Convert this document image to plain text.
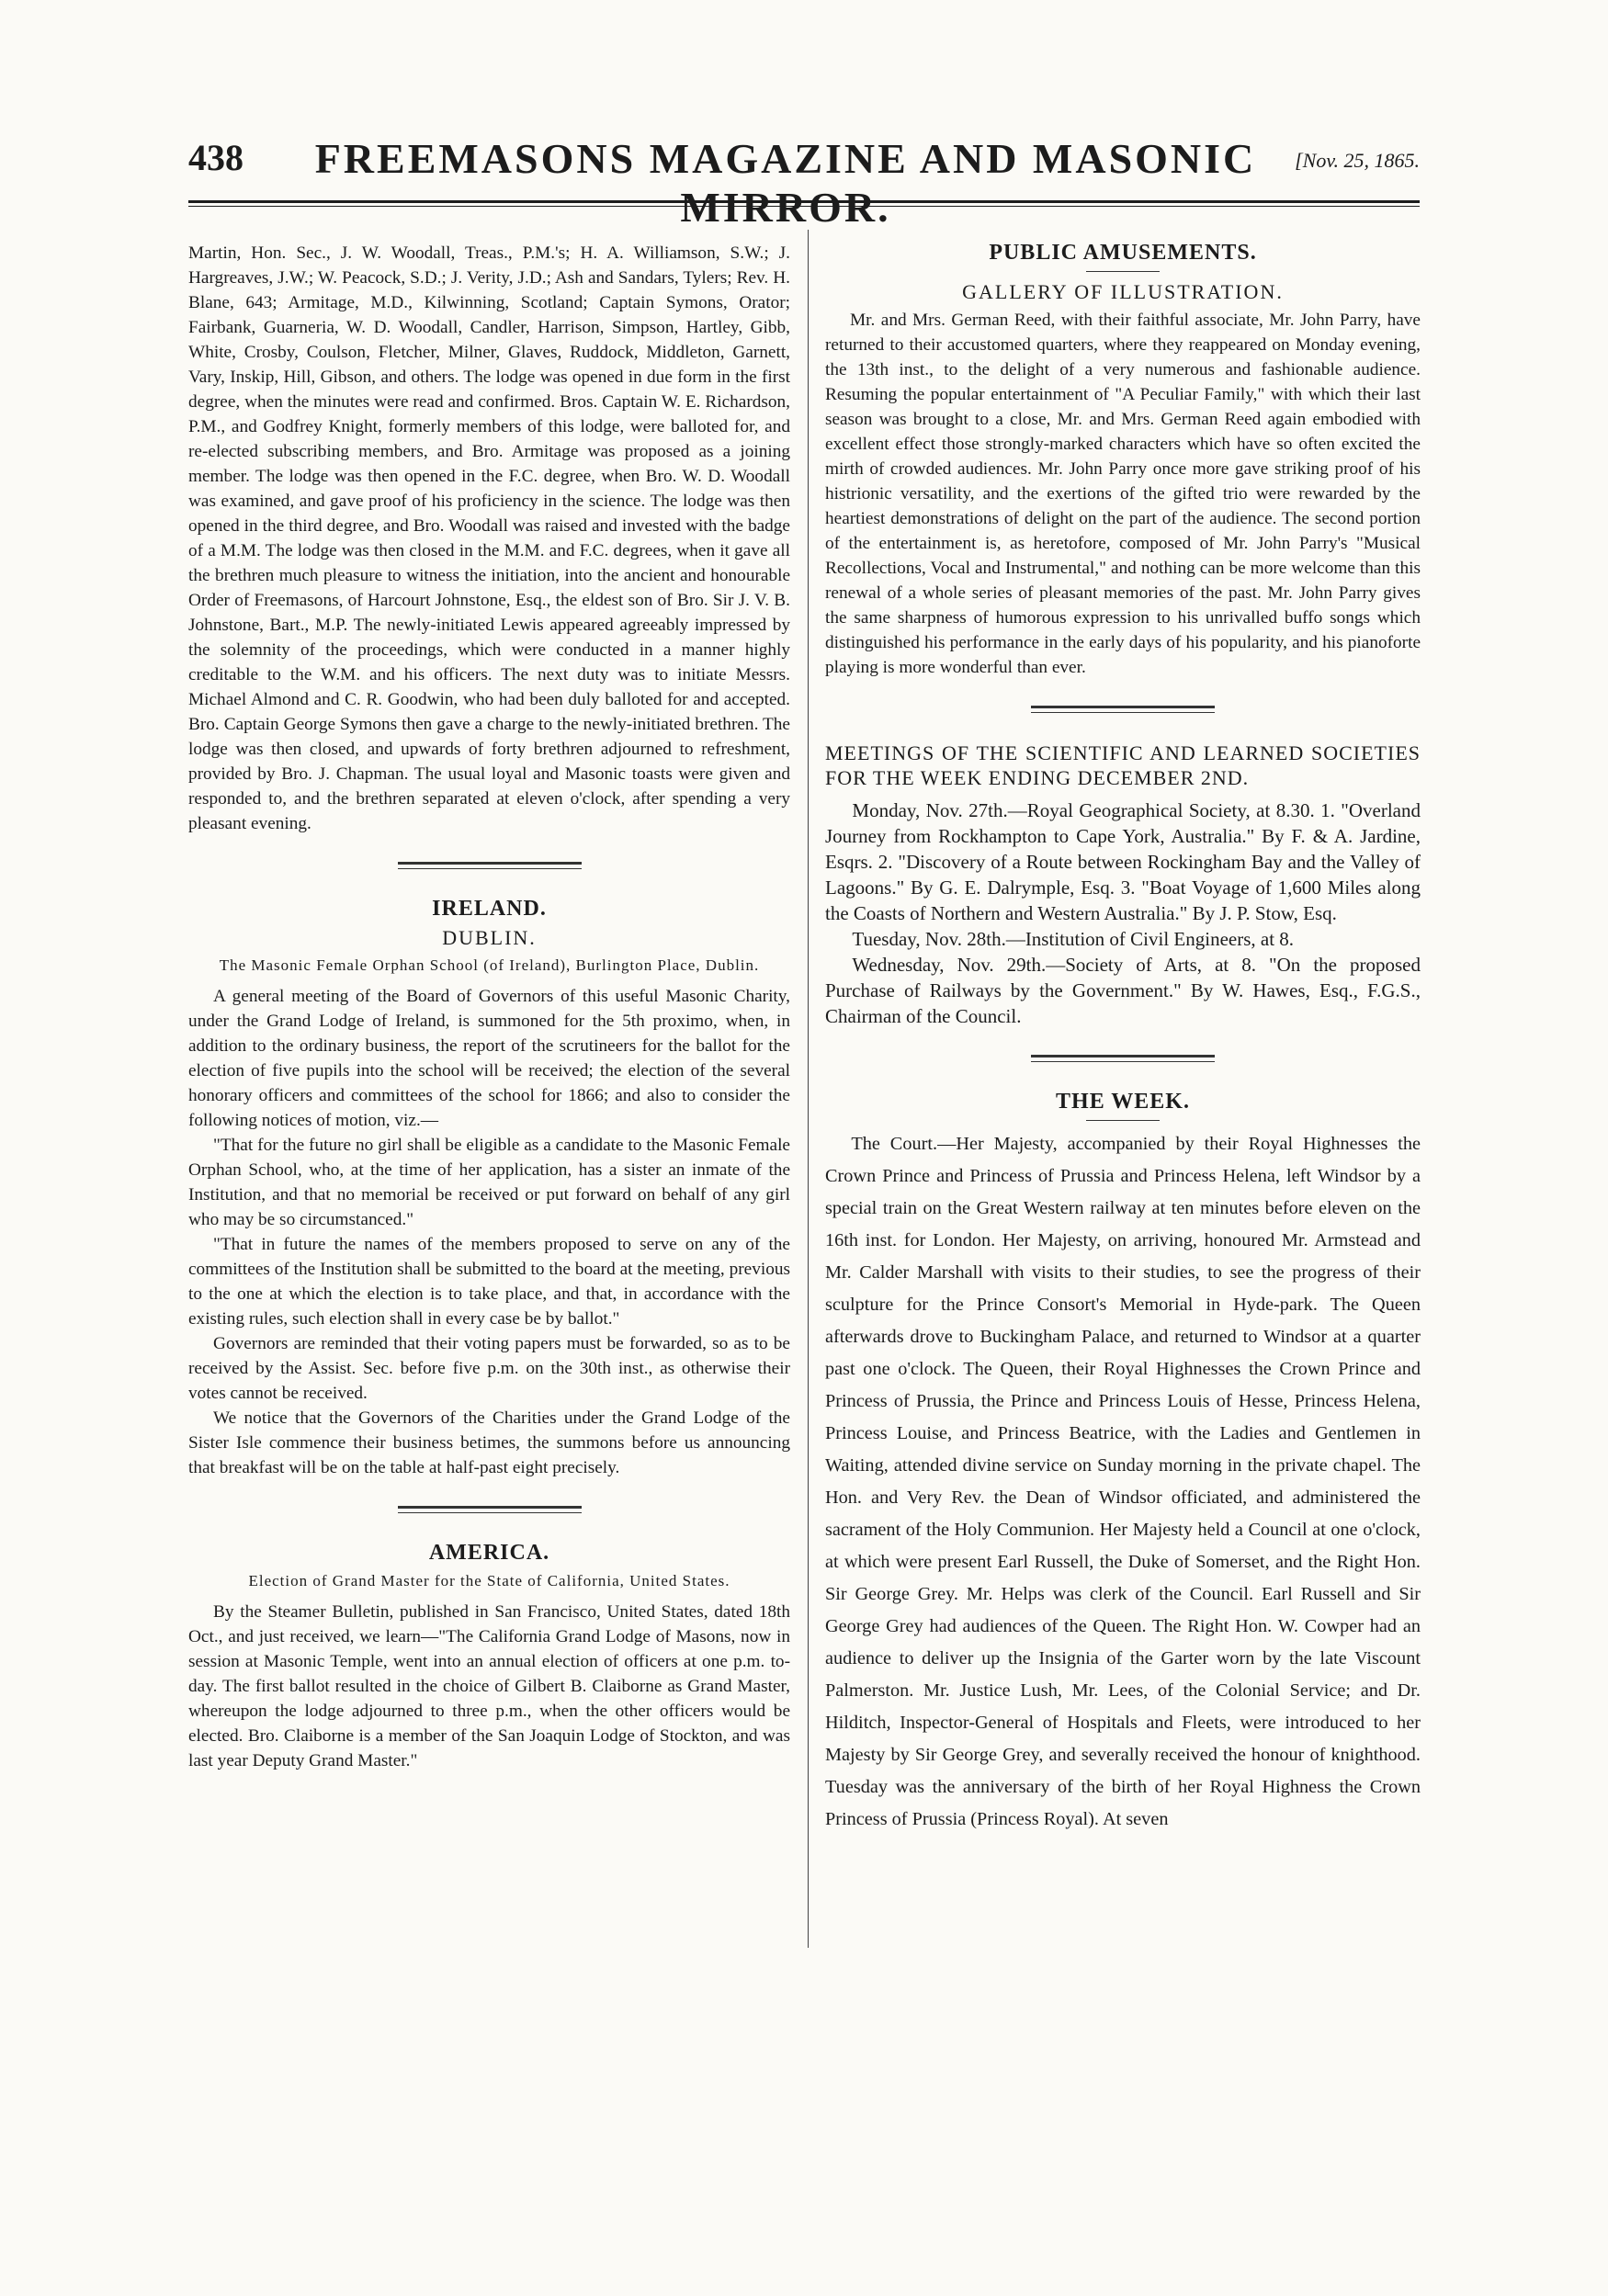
438	FREEMASONS MAGAZINE AND MASONIC MIRROR.
[Nov. 25, 1865.

Martin, Hon. Sec., J. W. Woodall, Treas., P.M.'s; H. A. Williamson, S.W.; J. Hargreaves, J.W.; W. Peacock, S.D.; J. Verity, J.D.; Ash and Sandars, Tylers; Rev. H. Blane, 643; Armitage, M.D., Kilwinning, Scotland; Captain Symons, Orator; Fairbank, Guarneria, W. D. Woodall, Candler, Harrison, Simpson, Hartley, Gibb, White, Crosby, Coulson, Fletcher, Milner, Glaves, Ruddock, Middleton, Garnett, Vary, Inskip, Hill, Gibson, and others. The lodge was opened in due form in the first degree, when the minutes were read and confirmed. Bros. Captain W. E. Richardson, P.M., and Godfrey Knight, formerly members of this lodge, were balloted for, and re-elected subscribing members, and Bro. Armitage was proposed as a joining member. The lodge was then opened in the F.C. degree, when Bro. W. D. Woodall was examined, and gave proof of his proficiency in the science. The lodge was then opened in the third degree, and Bro. Woodall was raised and invested with the badge of a M.M. The lodge was then closed in the M.M. and F.C. degrees, when it gave all the brethren much pleasure to witness the initiation, into the ancient and honourable Order of Freemasons, of Harcourt Johnstone, Esq., the eldest son of Bro. Sir J. V. B. Johnstone, Bart., M.P. The newly-initiated Lewis appeared agreeably impressed by the solemnity of the proceedings, which were conducted in a manner highly creditable to the W.M. and his officers. The next duty was to initiate Messrs. Michael Almond and C. R. Goodwin, who had been duly balloted for and accepted. Bro. Captain George Symons then gave a charge to the newly-initiated brethren. The lodge was then closed, and upwards of forty brethren adjourned to refreshment, provided by Bro. J. Chapman. The usual loyal and Masonic toasts were given and responded to, and the brethren separated at eleven o'clock, after spending a very pleasant evening.

IRELAND.
DUBLIN.
The Masonic Female Orphan School (of Ireland), Burlington Place, Dublin.

A general meeting of the Board of Governors of this useful Masonic Charity, under the Grand Lodge of Ireland, is summoned for the 5th proximo, when, in addition to the ordinary business, the report of the scrutineers for the ballot for the election of five pupils into the school will be received; the election of the several honorary officers and committees of the school for 1866; and also to consider the following notices of motion, viz.—

"That for the future no girl shall be eligible as a candidate to the Masonic Female Orphan School, who, at the time of her application, has a sister an inmate of the Institution, and that no memorial be received or put forward on behalf of any girl who may be so circumstanced."

"That in future the names of the members proposed to serve on any of the committees of the Institution shall be submitted to the board at the meeting, previous to the one at which the election is to take place, and that, in accordance with the existing rules, such election shall in every case be by ballot."

Governors are reminded that their voting papers must be forwarded, so as to be received by the Assist. Sec. before five p.m. on the 30th inst., as otherwise their votes cannot be received.

We notice that the Governors of the Charities under the Grand Lodge of the Sister Isle commence their business betimes, the summons before us announcing that breakfast will be on the table at half-past eight precisely.

AMERICA.
Election of Grand Master for the State of California, United States.

By the Steamer Bulletin, published in San Francisco, United States, dated 18th Oct., and just received, we learn—"The California Grand Lodge of Masons, now in session at Masonic Temple, went into an annual election of officers at one p.m. to-day. The first ballot resulted in the choice of Gilbert B. Claiborne as Grand Master, whereupon the lodge adjourned to three p.m., when the other officers would be elected. Bro. Claiborne is a member of the San Joaquin Lodge of Stockton, and was last year Deputy Grand Master."

PUBLIC AMUSEMENTS.
GALLERY OF ILLUSTRATION.

Mr. and Mrs. German Reed, with their faithful associate, Mr. John Parry, have returned to their accustomed quarters, where they reappeared on Monday evening, the 13th inst., to the delight of a very numerous and fashionable audience. Resuming the popular entertainment of "A Peculiar Family," with which their last season was brought to a close, Mr. and Mrs. German Reed again embodied with excellent effect those strongly-marked characters which have so often excited the mirth of crowded audiences. Mr. John Parry once more gave striking proof of his histrionic versatility, and the exertions of the gifted trio were rewarded by the heartiest demonstrations of delight on the part of the audience. The second portion of the entertainment is, as heretofore, composed of Mr. John Parry's "Musical Recollections, Vocal and Instrumental," and nothing can be more welcome than this renewal of a whole series of pleasant memories of the past. Mr. John Parry gives the same sharpness of humorous expression to his unrivalled buffo songs which distinguished his performance in the early days of his popularity, and his pianoforte playing is more wonderful than ever.

MEETINGS OF THE SCIENTIFIC AND LEARNED SOCIETIES FOR THE WEEK ENDING DECEMBER 2ND.

Monday, Nov. 27th.—Royal Geographical Society, at 8.30. 1. "Overland Journey from Rockhampton to Cape York, Australia." By F. & A. Jardine, Esqrs. 2. "Discovery of a Route between Rockingham Bay and the Valley of Lagoons." By G. E. Dalrymple, Esq. 3. "Boat Voyage of 1,600 Miles along the Coasts of Northern and Western Australia." By J. P. Stow, Esq.

Tuesday, Nov. 28th.—Institution of Civil Engineers, at 8.

Wednesday, Nov. 29th.—Society of Arts, at 8. "On the proposed Purchase of Railways by the Government." By W. Hawes, Esq., F.G.S., Chairman of the Council.

THE WEEK.

The Court.—Her Majesty, accompanied by their Royal Highnesses the Crown Prince and Princess of Prussia and Princess Helena, left Windsor by a special train on the Great Western railway at ten minutes before eleven on the 16th inst. for London. Her Majesty, on arriving, honoured Mr. Armstead and Mr. Calder Marshall with visits to their studies, to see the progress of their sculpture for the Prince Consort's Memorial in Hyde-park. The Queen afterwards drove to Buckingham Palace, and returned to Windsor at a quarter past one o'clock. The Queen, their Royal Highnesses the Crown Prince and Princess of Prussia, the Prince and Princess Louis of Hesse, Princess Helena, Princess Louise, and Princess Beatrice, with the Ladies and Gentlemen in Waiting, attended divine service on Sunday morning in the private chapel. The Hon. and Very Rev. the Dean of Windsor officiated, and administered the sacrament of the Holy Communion. Her Majesty held a Council at one o'clock, at which were present Earl Russell, the Duke of Somerset, and the Right Hon. Sir George Grey. Mr. Helps was clerk of the Council. Earl Russell and Sir George Grey had audiences of the Queen. The Right Hon. W. Cowper had an audience to deliver up the Insignia of the Garter worn by the late Viscount Palmerston. Mr. Justice Lush, Mr. Lees, of the Colonial Service; and Dr. Hilditch, Inspector-General of Hospitals and Fleets, were introduced to her Majesty by Sir George Grey, and severally received the honour of knighthood. Tuesday was the anniversary of the birth of her Royal Highness the Crown Princess of Prussia (Princess Royal). At seven
